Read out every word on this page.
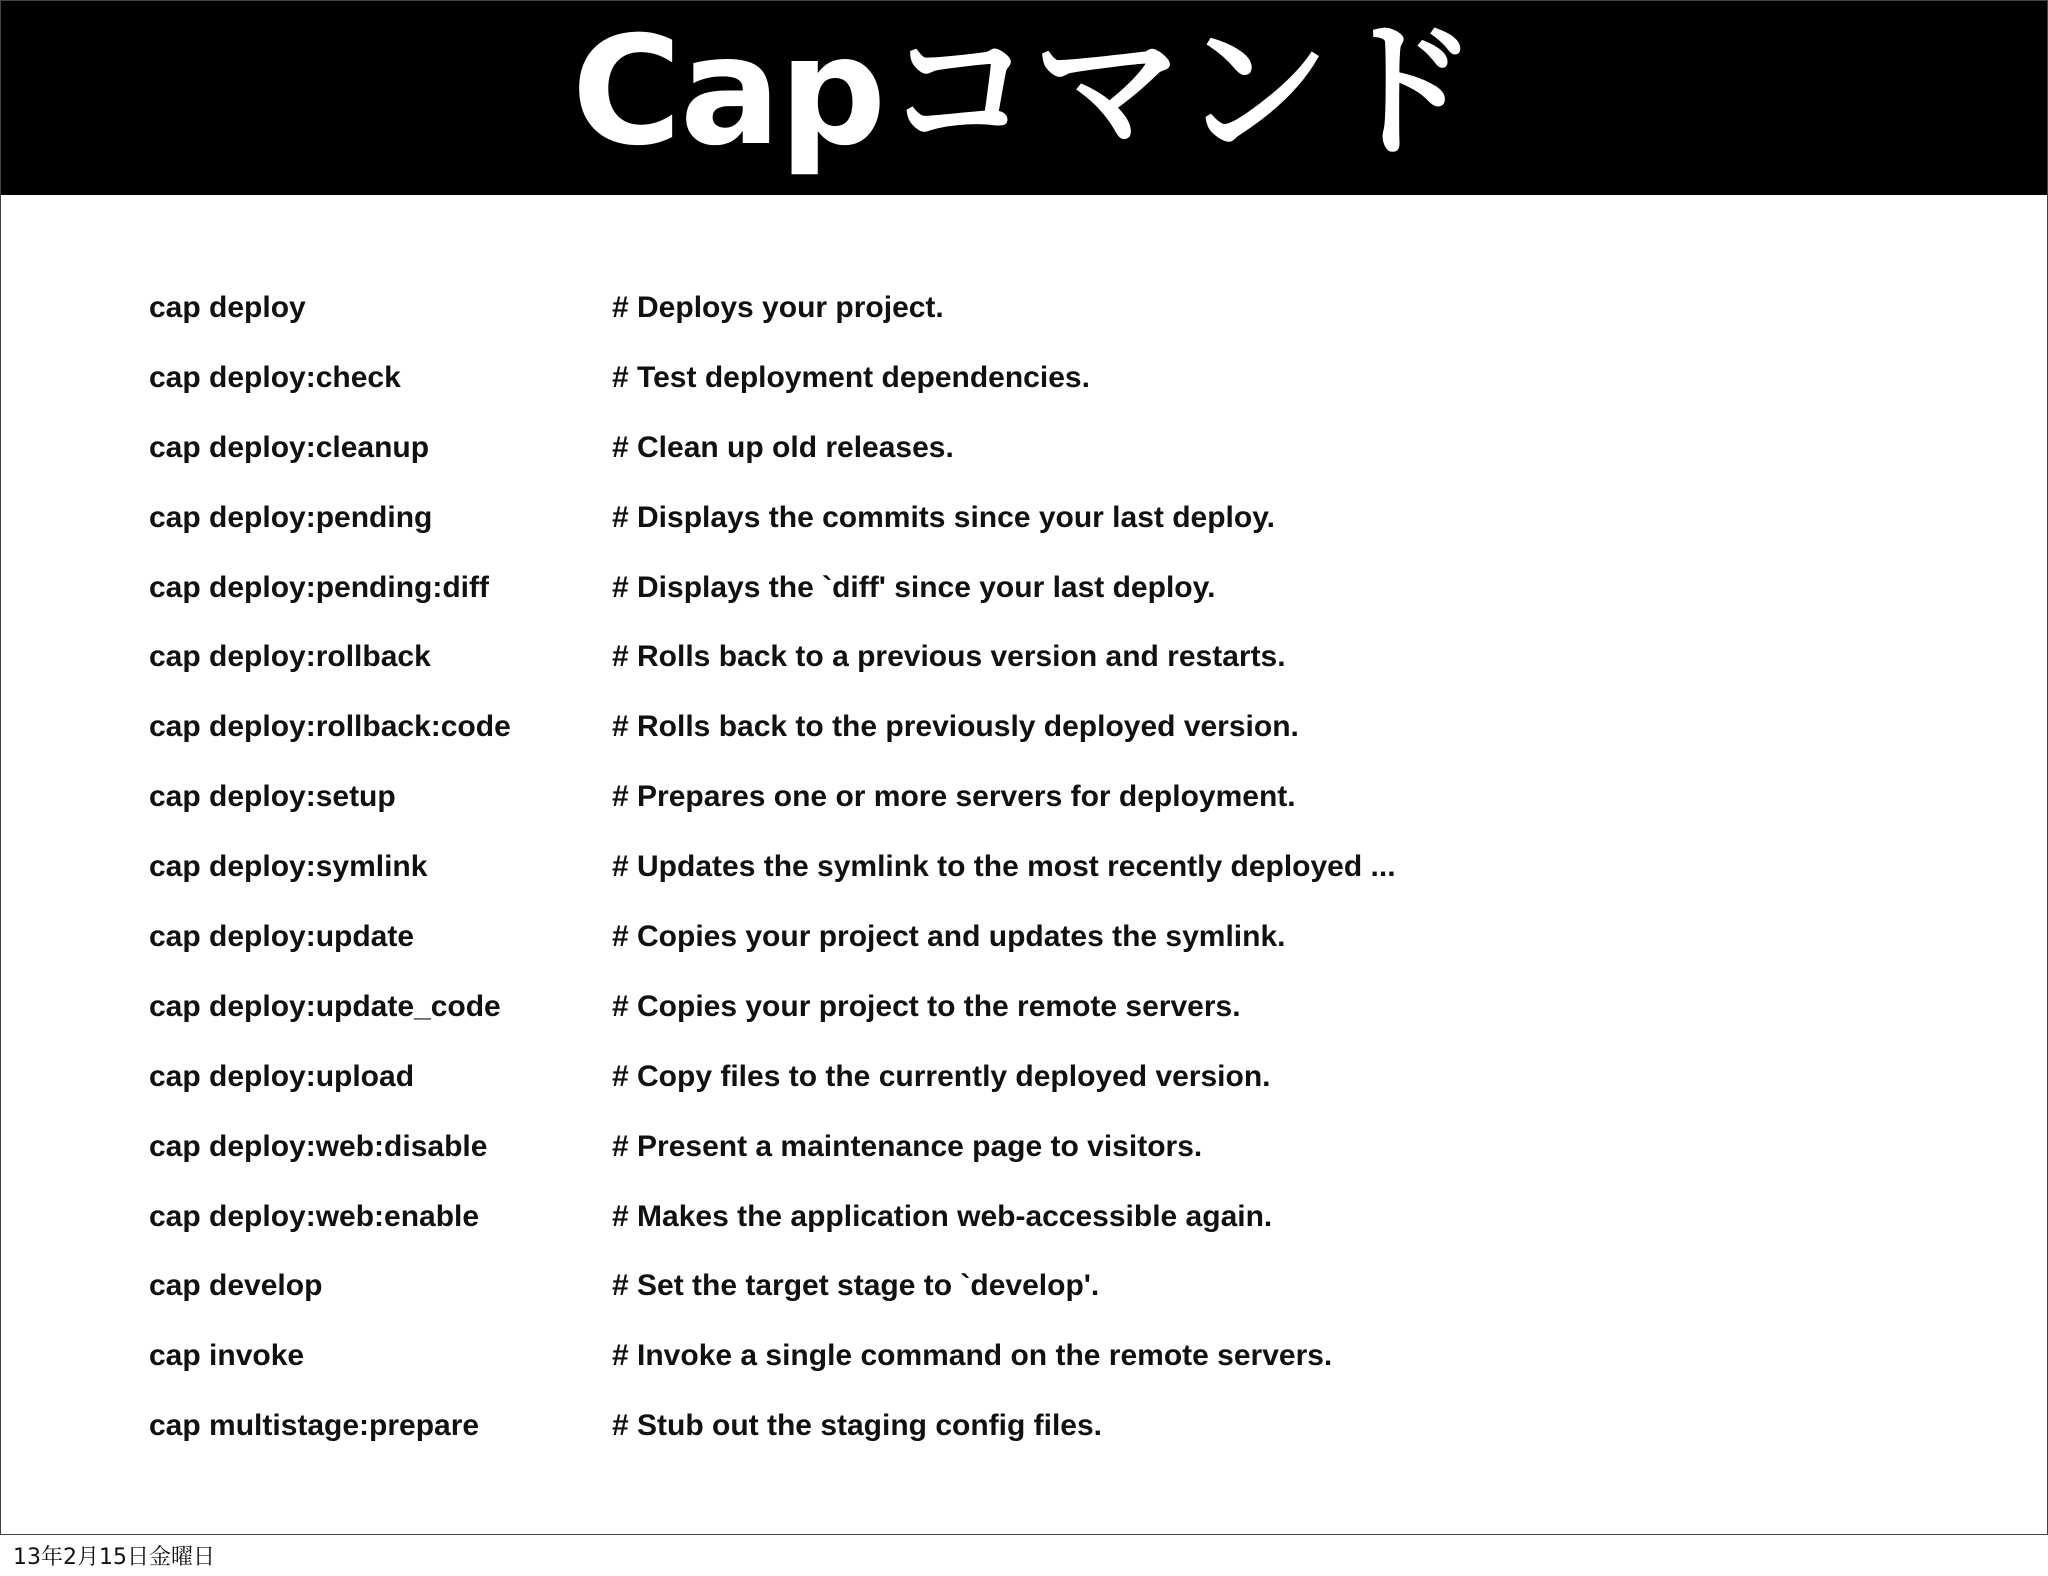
Capコマンド
cap deploy	# Deploys your project.
cap deploy:check	# Test deployment dependencies.
cap deploy:cleanup	# Clean up old releases.
cap deploy:pending	# Displays the commits since your last deploy.
cap deploy:pending:diff	# Displays the `diff' since your last deploy.
cap deploy:rollback	# Rolls back to a previous version and restarts.
cap deploy:rollback:code	# Rolls back to the previously deployed version.
cap deploy:setup	# Prepares one or more servers for deployment.
cap deploy:symlink	# Updates the symlink to the most recently deployed ...
cap deploy:update	# Copies your project and updates the symlink.
cap deploy:update_code	# Copies your project to the remote servers.
cap deploy:upload	# Copy files to the currently deployed version.
cap deploy:web:disable	# Present a maintenance page to visitors.
cap deploy:web:enable	# Makes the application web-accessible again.
cap develop	# Set the target stage to `develop'.
cap invoke	# Invoke a single command on the remote servers.
cap multistage:prepare	# Stub out the staging config files.
13年2月15日金曜日
